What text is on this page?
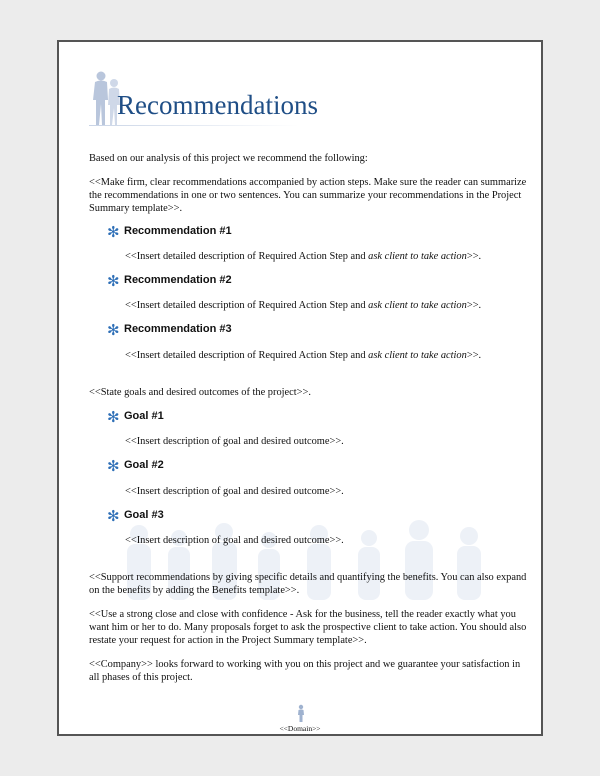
Recommendations

Based on our analysis of this project we recommend the following:

<<Make firm, clear recommendations accompanied by action steps. Make sure the reader can summarize the recommendations in one or two sentences. You can summarize your recommendations in the Project Summary template>>.

✻ Recommendation #1

<<Insert detailed description of Required Action Step and ask client to take action>>.

✻ Recommendation #2

<<Insert detailed description of Required Action Step and ask client to take action>>.

✻ Recommendation #3

<<Insert detailed description of Required Action Step and ask client to take action>>.

<<State goals and desired outcomes of the project>>.

✻ Goal #1

<<Insert description of goal and desired outcome>>.

✻ Goal #2

<<Insert description of goal and desired outcome>>.

✻ Goal #3

<<Insert description of goal and desired outcome>>.

<<Support recommendations by giving specific details and quantifying the benefits. You can also expand on the benefits by adding the Benefits template>>.

<<Use a strong close and close with confidence - Ask for the business, tell the reader exactly what you want him or her to do. Many proposals forget to ask the prospective client to take action. You should also restate your request for action in the Project Summary template>>.

<<Company>> looks forward to working with you on this project and we guarantee your satisfaction in all phases of this project.

<<Domain>>
